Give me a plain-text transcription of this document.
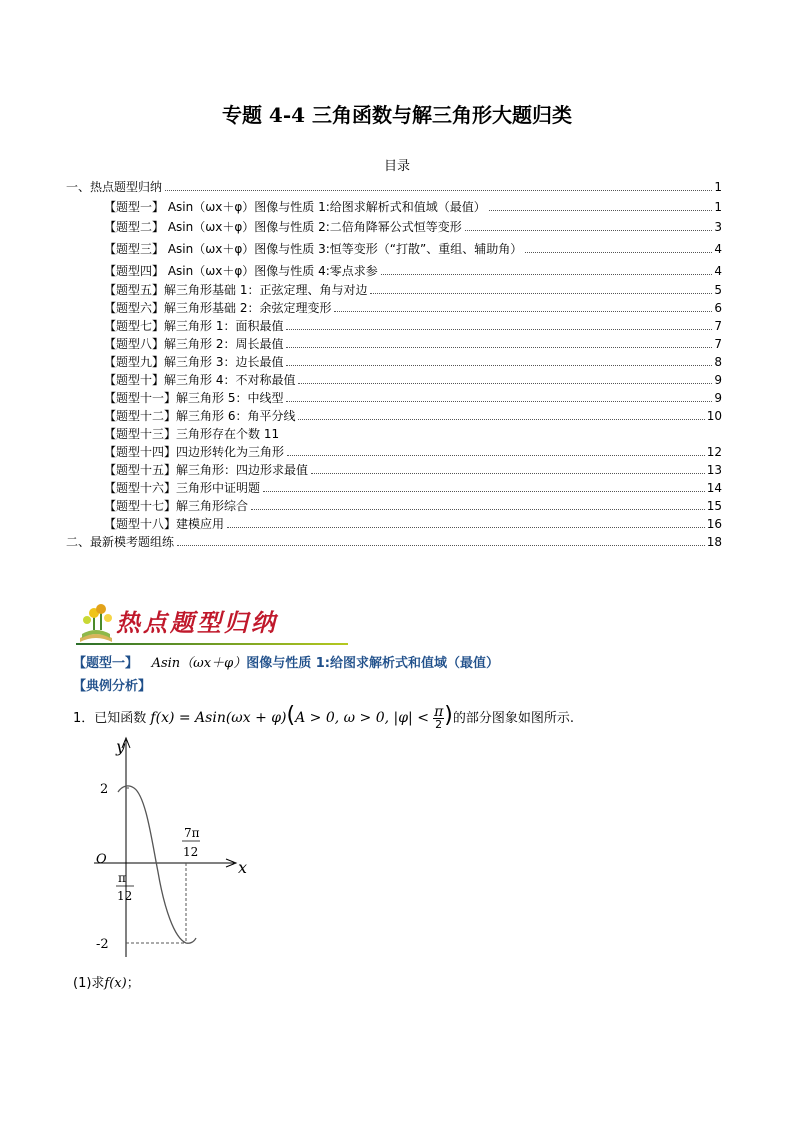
专题 4-4 三角函数与解三角形大题归类
目录
一、热点题型归纳	1
【题型一】 Asin（ωx＋φ）图像与性质 1:给图求解析式和值域（最值）	1
【题型二】 Asin（ωx＋φ）图像与性质 2:二倍角降幂公式恒等变形	3
【题型三】 Asin（ωx＋φ）图像与性质 3:恒等变形（“打散”、重组、辅助角）	4
【题型四】 Asin（ωx＋φ）图像与性质 4:零点求参	4
【题型五】解三角形基础 1：正弦定理、角与对边	5
【题型六】解三角形基础 2：余弦定理变形	6
【题型七】解三角形 1：面积最值	7
【题型八】解三角形 2：周长最值	7
【题型九】解三角形 3：边长最值	8
【题型十】解三角形 4：不对称最值	9
【题型十一】解三角形 5：中线型	9
【题型十二】解三角形 6：角平分线	10
【题型十三】三角形存在个数 11
【题型十四】四边形转化为三角形	12
【题型十五】解三角形：四边形求最值	13
【题型十六】三角形中证明题	14
【题型十七】解三角形综合	15
【题型十八】建模应用	16
二、最新模考题组练	18
热点题型归纳
【题型一】 Asin（ωx＋φ）图像与性质 1:给图求解析式和值域（最值）
【典例分析】
1．已知函数 f(x) = Asin(ωx + φ)(A > 0, ω > 0, $|\varphi| < \frac{\pi}{2}$ )的部分图象如图所示.
y
x
O
2
-2
π
12
7π
12
(1)求f(x)；
